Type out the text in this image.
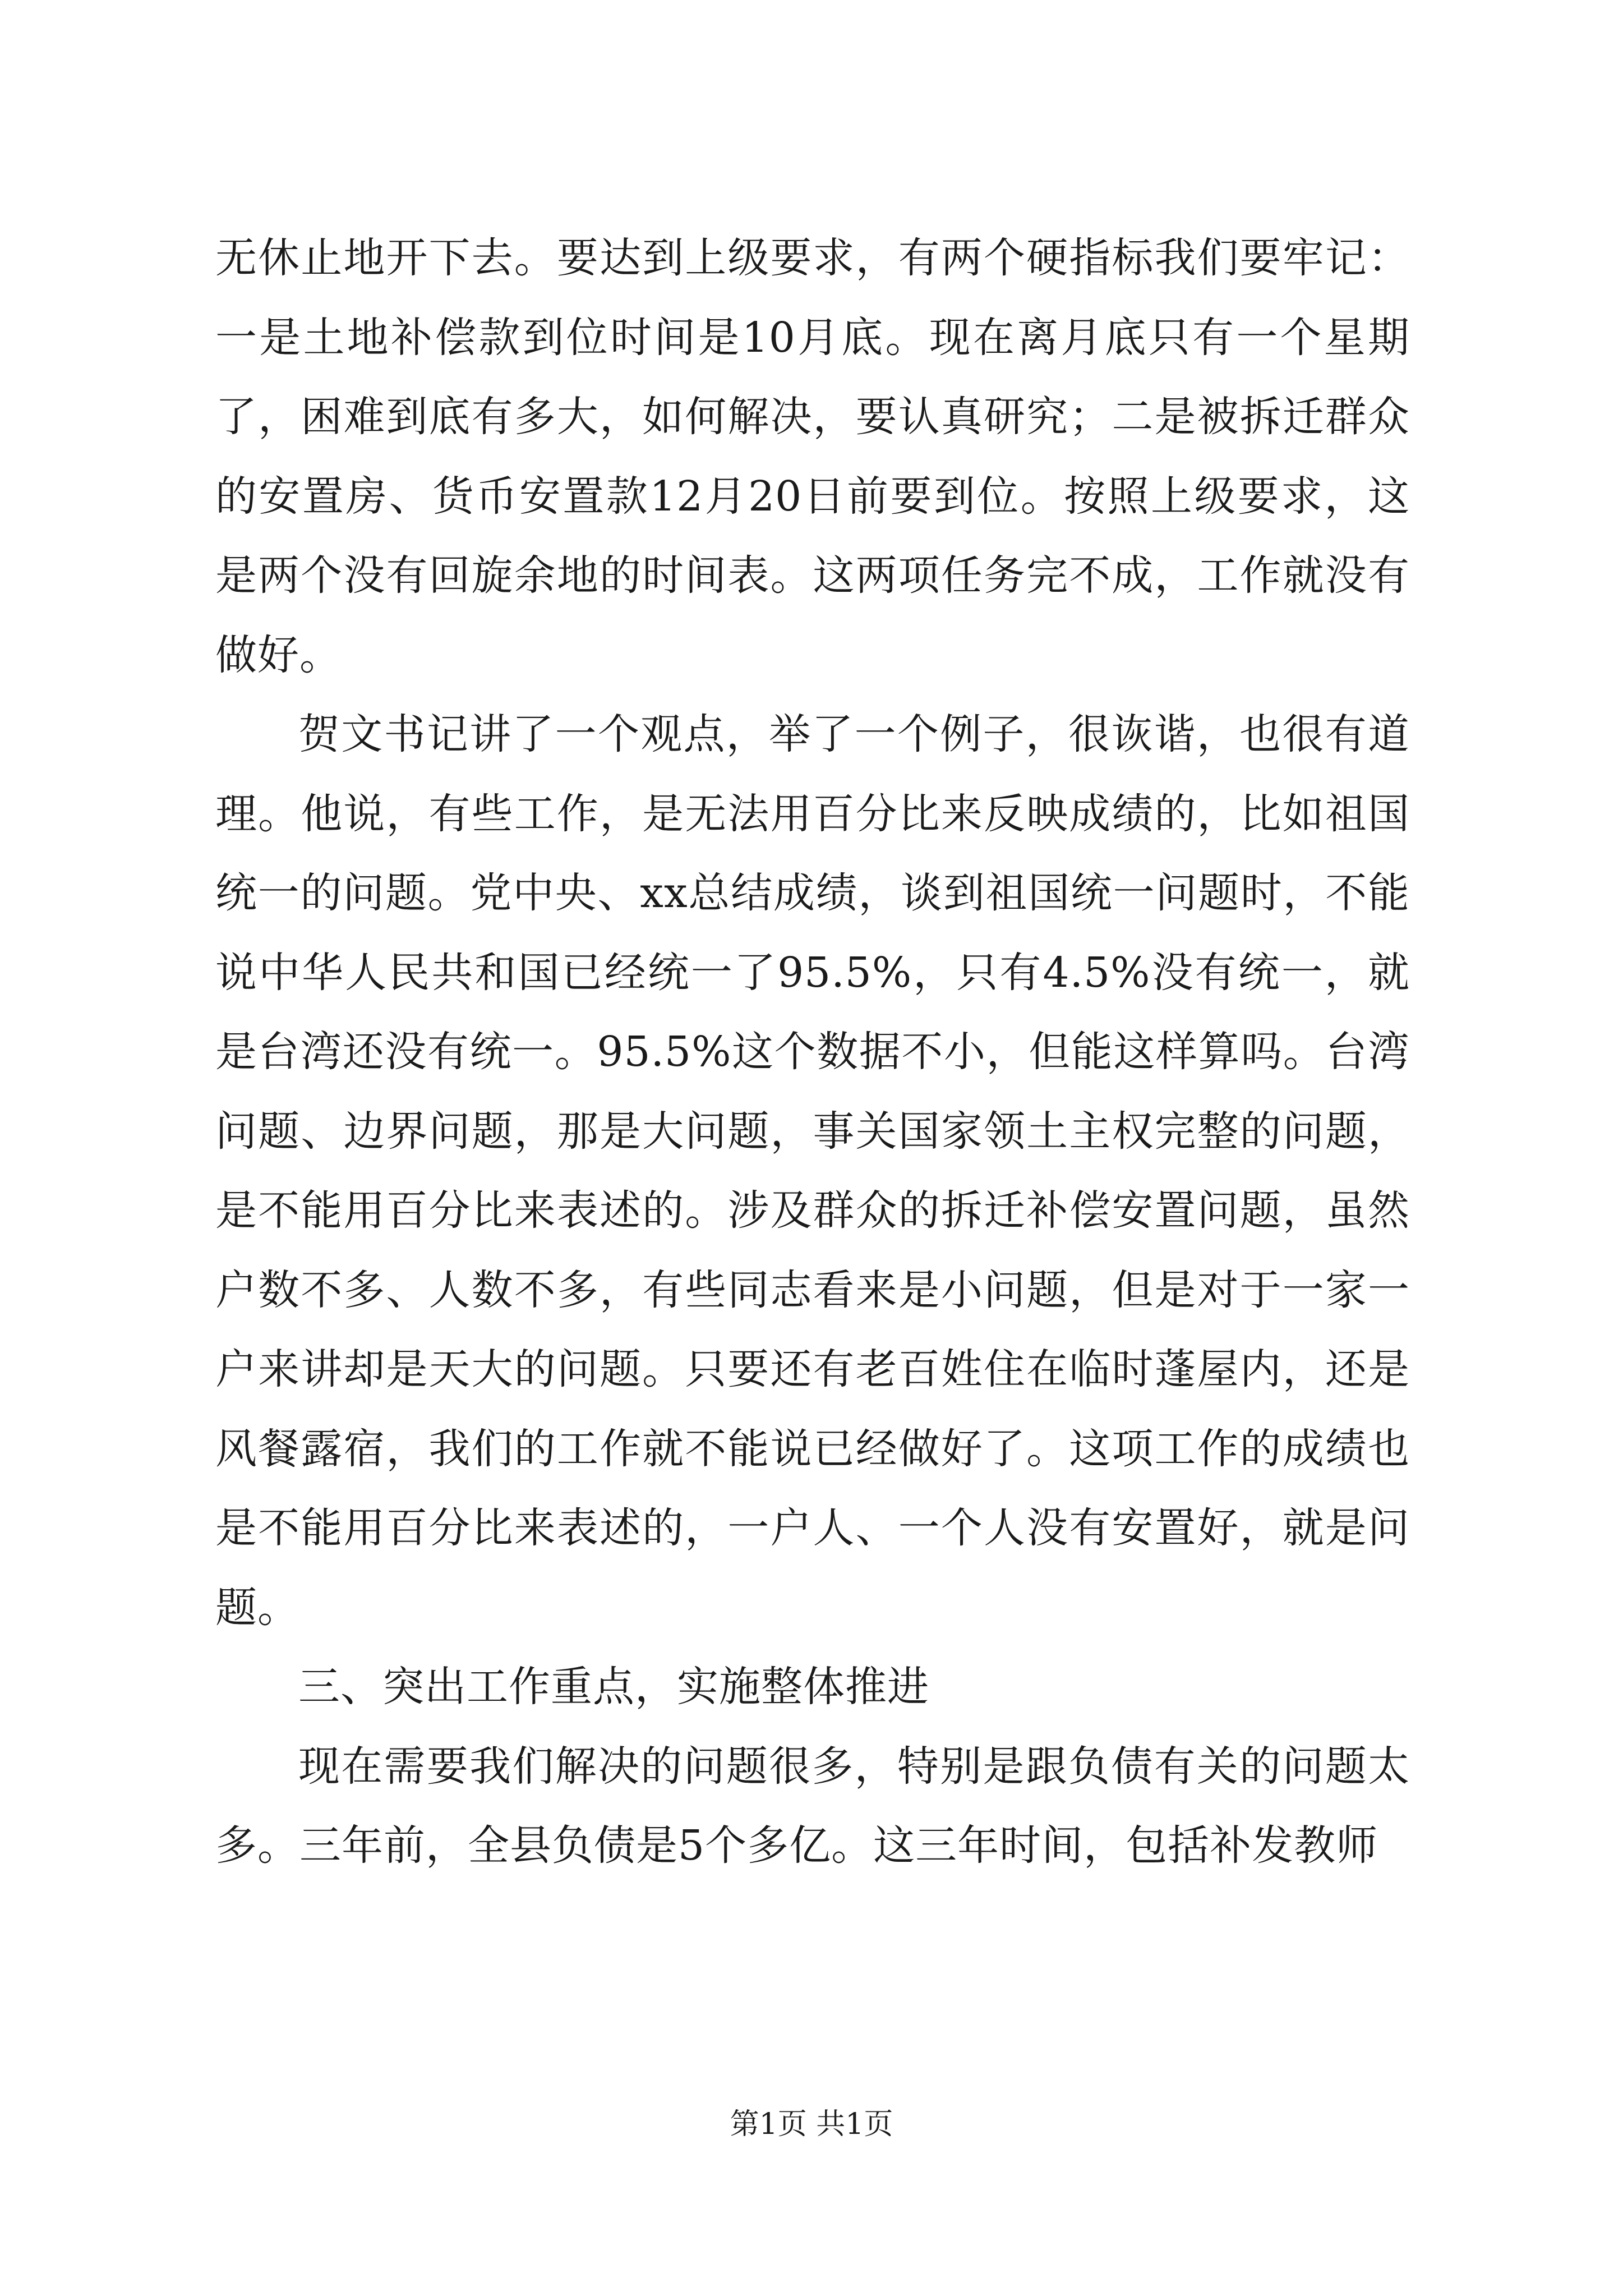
无休止地开下去。要达到上级要求，有两个硬指标我们要牢记：一是土地补偿款到位时间是10月底。现在离月底只有一个星期了，困难到底有多大，如何解决，要认真研究；二是被拆迁群众的安置房、货币安置款12月20日前要到位。按照上级要求，这是两个没有回旋余地的时间表。这两项任务完不成，工作就没有做好。

贺文书记讲了一个观点，举了一个例子，很诙谐，也很有道理。他说，有些工作，是无法用百分比来反映成绩的，比如祖国统一的问题。党中央、xx总结成绩，谈到祖国统一问题时，不能说中华人民共和国已经统一了95.5%，只有4.5%没有统一，就是台湾还没有统一。95.5%这个数据不小，但能这样算吗。台湾问题、边界问题，那是大问题，事关国家领土主权完整的问题，是不能用百分比来表述的。涉及群众的拆迁补偿安置问题，虽然户数不多、人数不多，有些同志看来是小问题，但是对于一家一户来讲却是天大的问题。只要还有老百姓住在临时蓬屋内，还是风餐露宿，我们的工作就不能说已经做好了。这项工作的成绩也是不能用百分比来表述的，一户人、一个人没有安置好，就是问题。

三、突出工作重点，实施整体推进

现在需要我们解决的问题很多，特别是跟负债有关的问题太多。三年前，全县负债是5个多亿。这三年时间，包括补发教师

第1页 共1页
